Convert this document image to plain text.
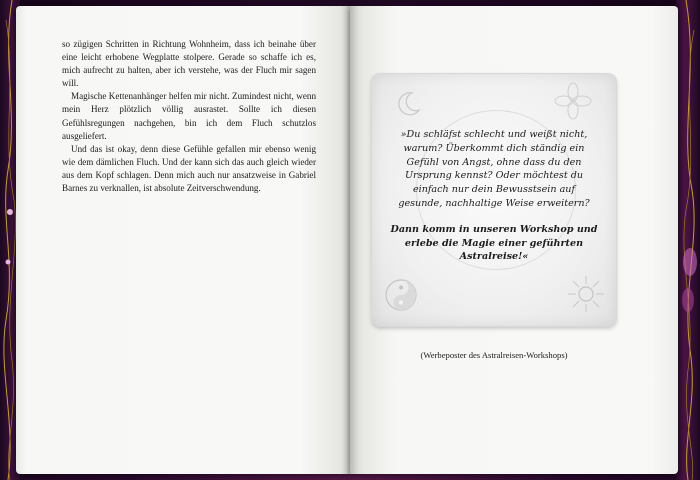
so zügigen Schritten in Richtung Wohnheim, dass ich beinahe über eine leicht erhobene Wegplatte stolpere. Gerade so schaffe ich es, mich aufrecht zu halten, aber ich verstehe, was der Fluch mir sagen will.

Magische Kettenanhänger helfen mir nicht. Zumindest nicht, wenn mein Herz plötzlich völlig ausrastet. Sollte ich diesen Gefühlsregungen nachgehen, bin ich dem Fluch schutzlos ausgeliefert.

Und das ist okay, denn diese Gefühle gefallen mir ebenso wenig wie dem dämlichen Fluch. Und der kann sich das auch gleich wieder aus dem Kopf schlagen. Denn mich auch nur ansatzweise in Gabriel Barnes zu verknallen, ist absolute Zeitverschwendung.

»Du schläfst schlecht und weißt nicht, warum? Überkommt dich ständig ein Gefühl von Angst, ohne dass du den Ursprung kennst? Oder möchtest du einfach nur dein Bewusstsein auf gesunde, nachhaltige Weise erweitern?
Dann komm in unseren Workshop und erlebe die Magie einer geführten Astralreise!«
(Werbeposter des Astralreisen-Workshops)
